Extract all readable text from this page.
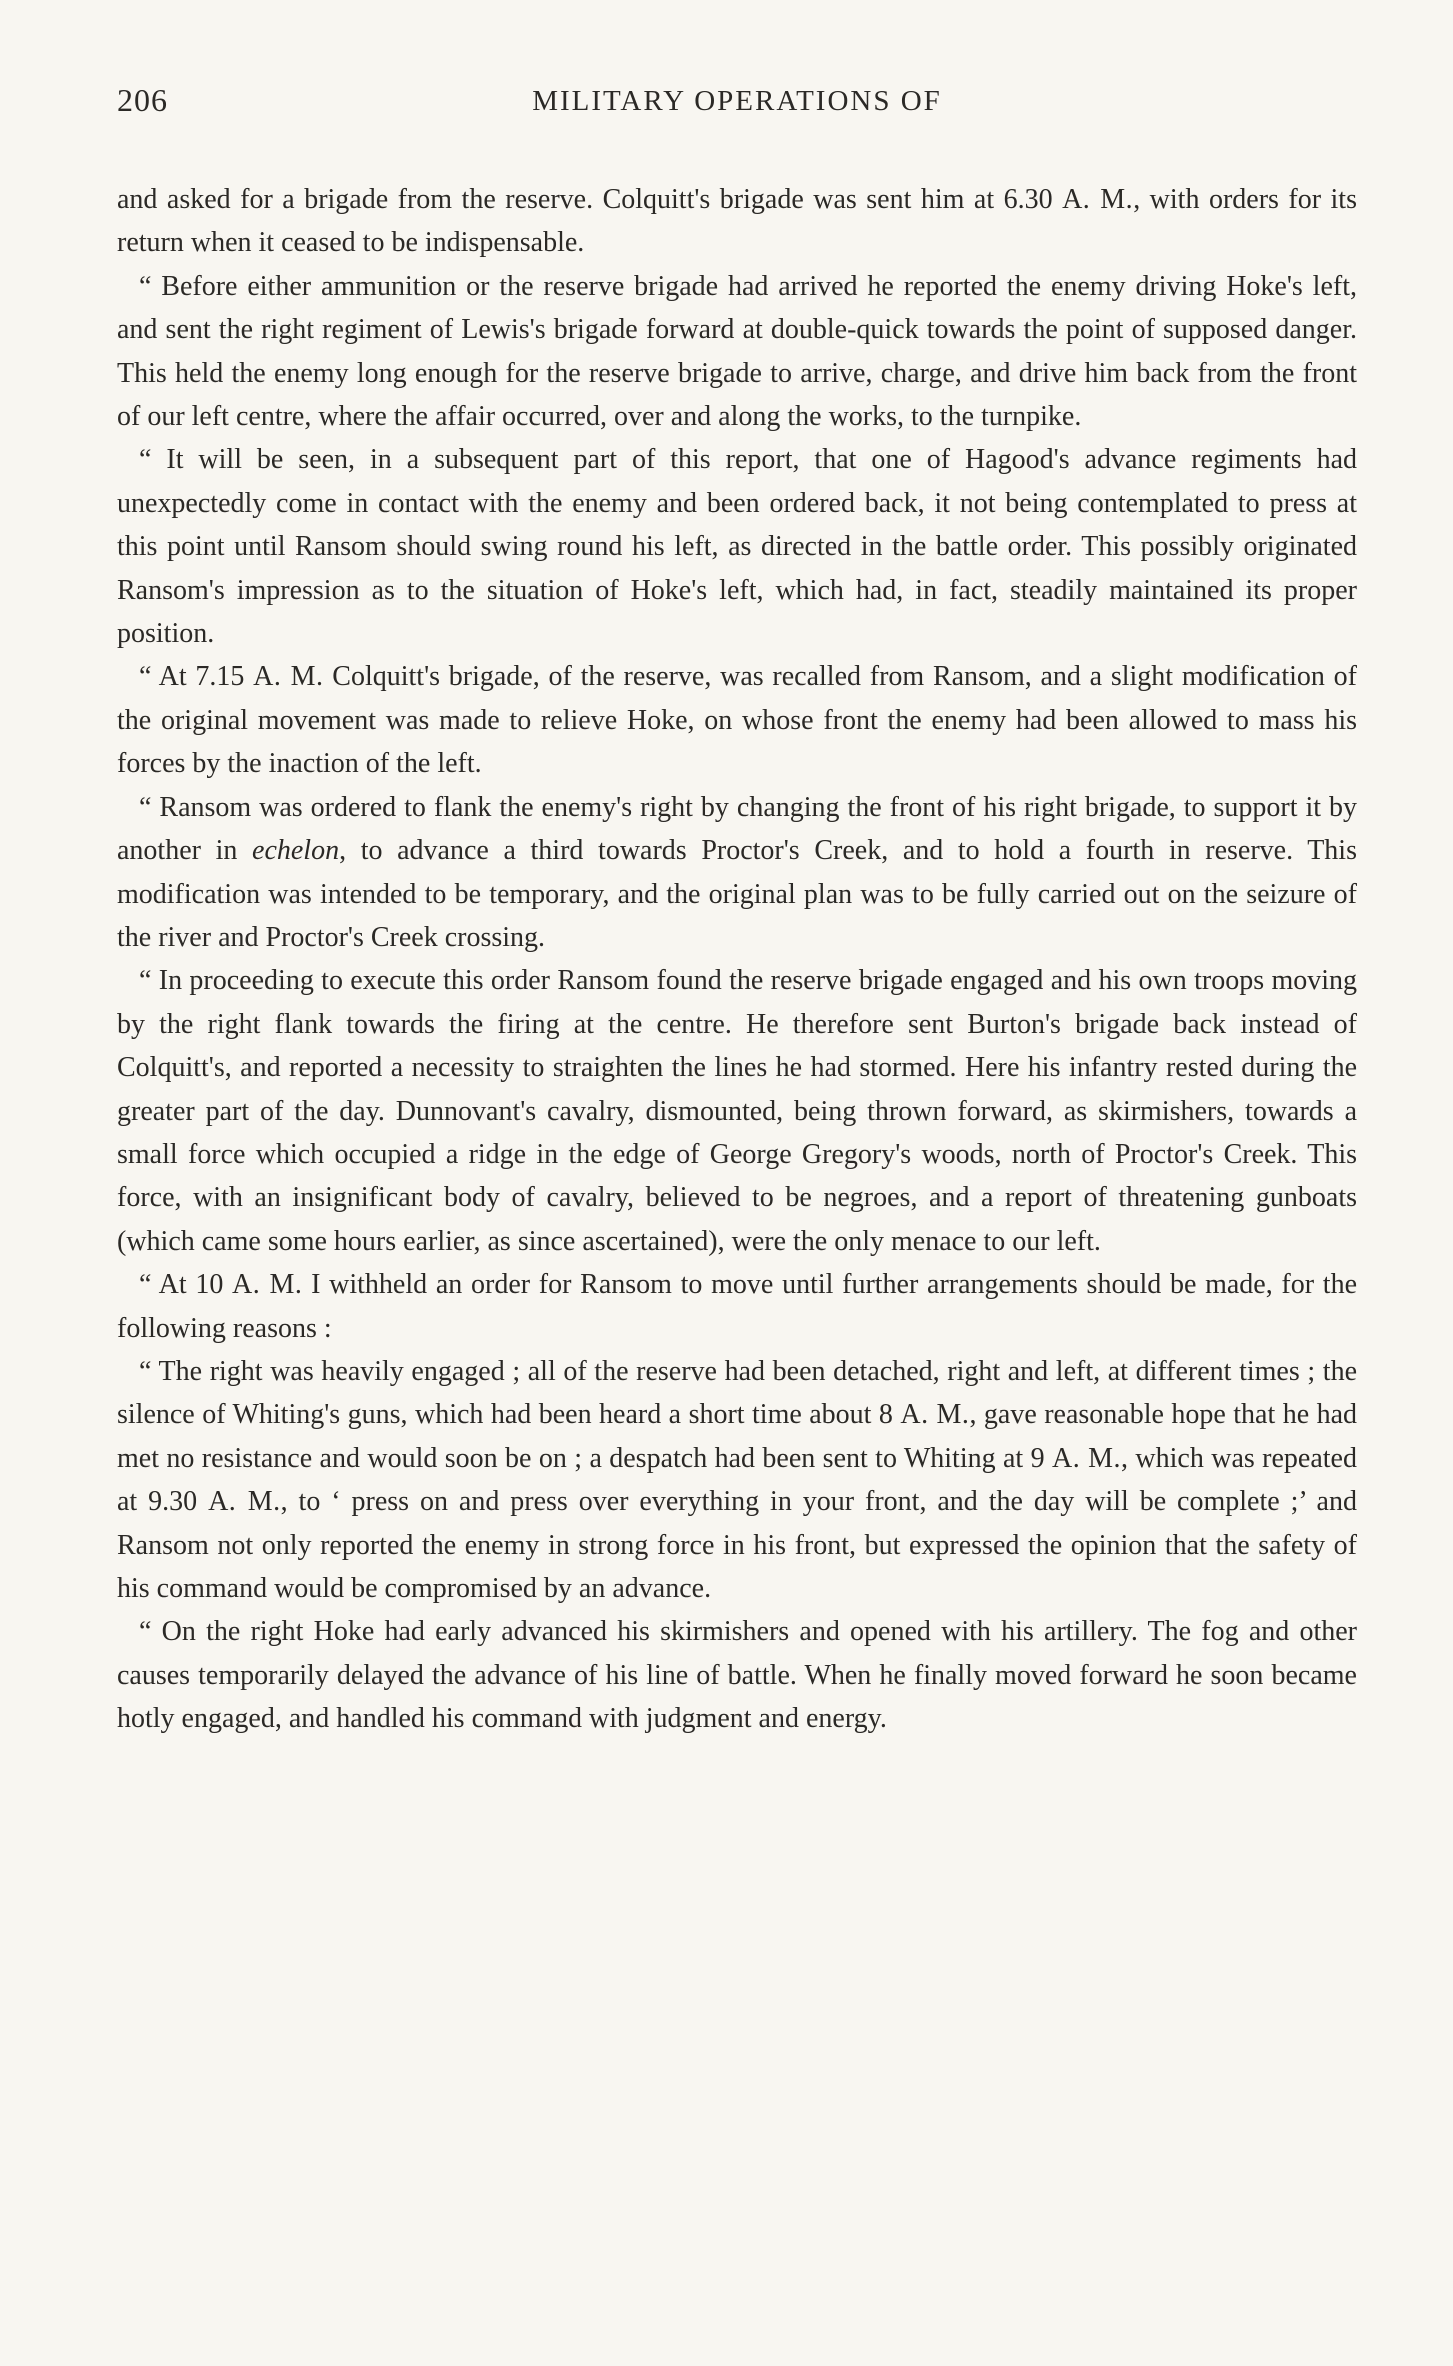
206	MILITARY OPERATIONS OF

and asked for a brigade from the reserve. Colquitt's brigade was sent him at 6.30 A. M., with orders for its return when it ceased to be indispensable.

“ Before either ammunition or the reserve brigade had arrived he reported the enemy driving Hoke's left, and sent the right regiment of Lewis's brigade forward at double-quick towards the point of supposed danger. This held the enemy long enough for the reserve brigade to arrive, charge, and drive him back from the front of our left centre, where the affair occurred, over and along the works, to the turnpike.

“ It will be seen, in a subsequent part of this report, that one of Hagood's advance regiments had unexpectedly come in contact with the enemy and been ordered back, it not being contemplated to press at this point until Ransom should swing round his left, as directed in the battle order. This possibly originated Ransom's impression as to the situation of Hoke's left, which had, in fact, steadily maintained its proper position.

“ At 7.15 A. M. Colquitt's brigade, of the reserve, was recalled from Ransom, and a slight modification of the original movement was made to relieve Hoke, on whose front the enemy had been allowed to mass his forces by the inaction of the left.

“ Ransom was ordered to flank the enemy's right by changing the front of his right brigade, to support it by another in echelon, to advance a third towards Proctor's Creek, and to hold a fourth in reserve. This modification was intended to be temporary, and the original plan was to be fully carried out on the seizure of the river and Proctor's Creek crossing.

“ In proceeding to execute this order Ransom found the reserve brigade engaged and his own troops moving by the right flank towards the firing at the centre. He therefore sent Burton's brigade back instead of Colquitt's, and reported a necessity to straighten the lines he had stormed. Here his infantry rested during the greater part of the day. Dunnovant's cavalry, dismounted, being thrown forward, as skirmishers, towards a small force which occupied a ridge in the edge of George Gregory's woods, north of Proctor's Creek. This force, with an insignificant body of cavalry, believed to be negroes, and a report of threatening gunboats (which came some hours earlier, as since ascertained), were the only menace to our left.

“ At 10 A. M. I withheld an order for Ransom to move until further arrangements should be made, for the following reasons :

“ The right was heavily engaged ; all of the reserve had been detached, right and left, at different times ; the silence of Whiting's guns, which had been heard a short time about 8 A. M., gave reasonable hope that he had met no resistance and would soon be on ; a despatch had been sent to Whiting at 9 A. M., which was repeated at 9.30 A. M., to ‘ press on and press over everything in your front, and the day will be complete ;’ and Ransom not only reported the enemy in strong force in his front, but expressed the opinion that the safety of his command would be compromised by an advance.

“ On the right Hoke had early advanced his skirmishers and opened with his artillery. The fog and other causes temporarily delayed the advance of his line of battle. When he finally moved forward he soon became hotly engaged, and handled his command with judgment and energy.
